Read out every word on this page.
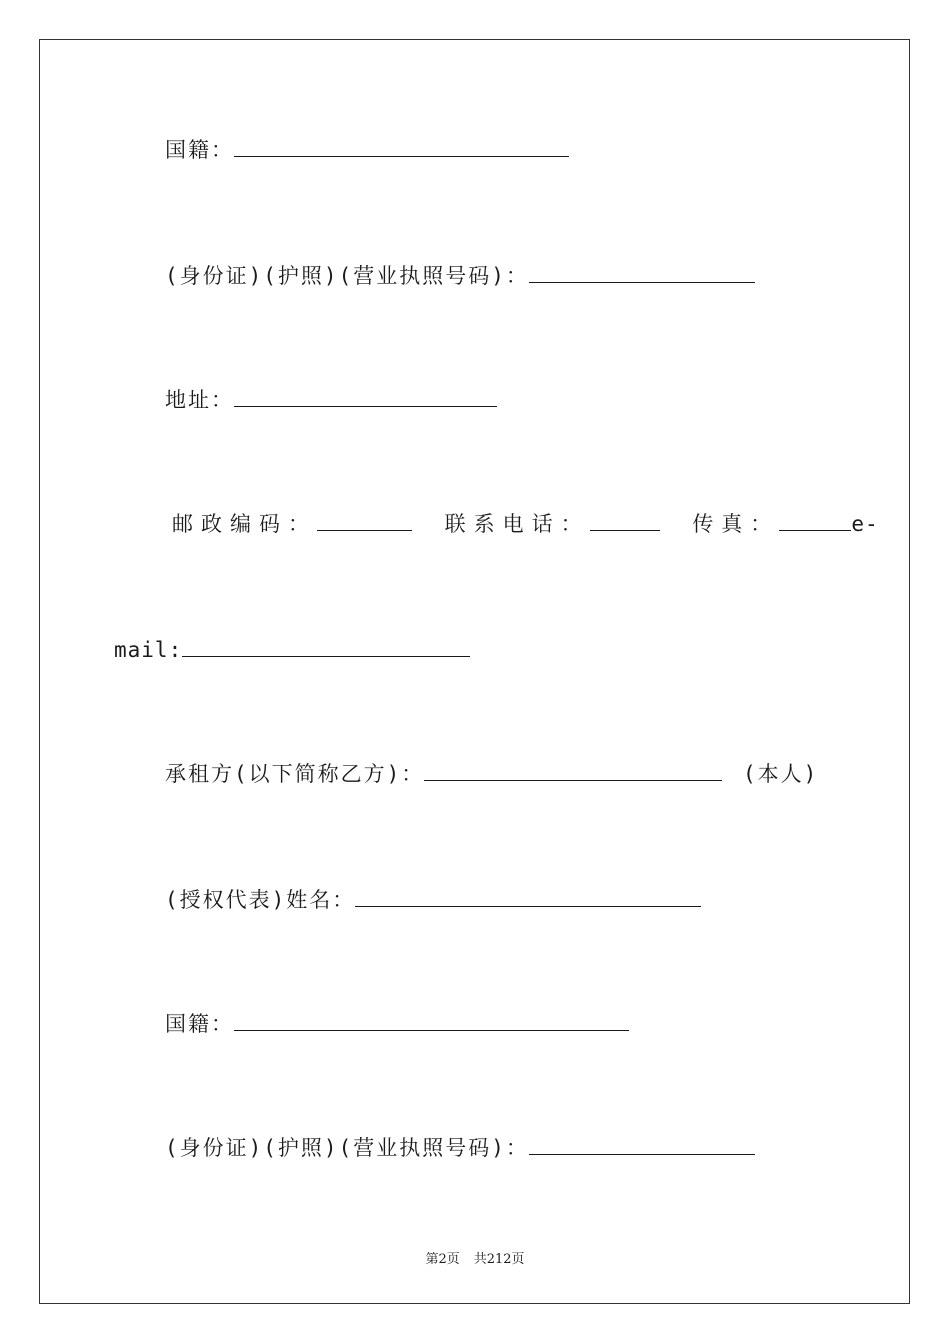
国籍：
(身份证)(护照)(营业执照号码)：
地址：
邮政编码：	联系电话：	传真：	e-
mail:
承租方(以下简称乙方)：	(本人)
(授权代表)姓名：
国籍：
(身份证)(护照)(营业执照号码)：
第2页 共212页
